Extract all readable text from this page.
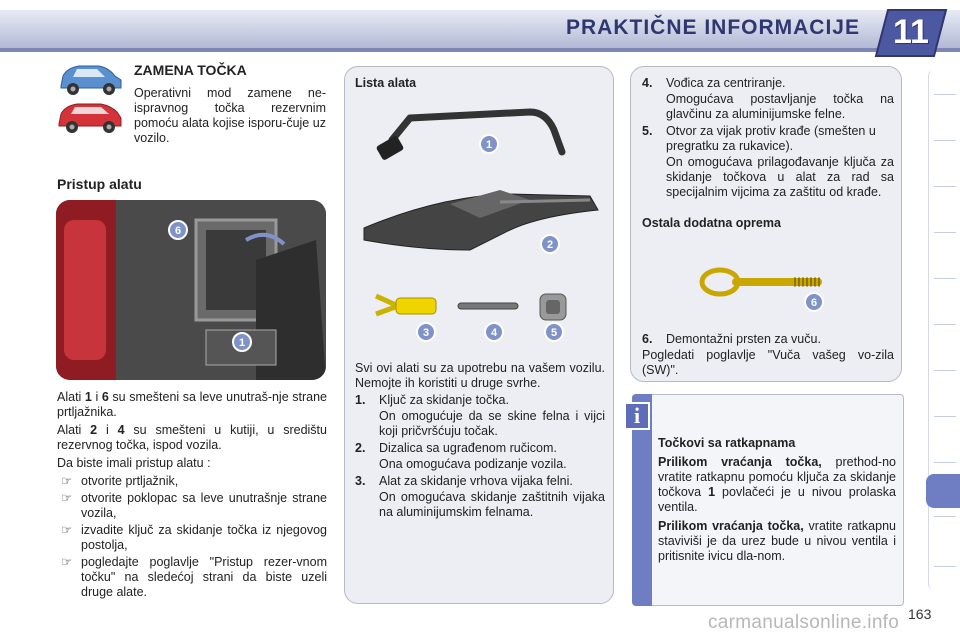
PRAKTIČNE INFORMACIJE 11
ZAMENA TOČKA
Operativni mod zamene ne-ispravnog točka rezervnim pomoću alata kojise isporu-čuje uz vozilo.
Pristup alatu
6
1

Alati 1 i 6 su smešteni sa leve unutraš-nje strane prtljažnika.

Alati 2 i 4 su smešteni u kutiji, u središtu rezervnog točka, ispod vozila.

Da biste imali pristup alatu :

☞ otvorite prtljažnik,
☞ otvorite poklopac sa leve unutrašnje strane vozila,
☞ izvadite ključ za skidanje točka iz njegovog postolja,
☞ pogledajte poglavlje "Pristup rezer-vnom točku" na sledećoj strani da biste uzeli druge alate.
Lista alata
1
2
3	4	5

Svi ovi alati su za upotrebu na vašem vozilu. Nemojte ih koristiti u druge svrhe.

1.	Ključ za skidanje točka.

On omogućuje da se skine felna i vijci koji pričvršćuju točak.

2.	Dizalica sa ugrađenom ručicom.

Ona omogućava podizanje vozila.

3.	Alat za skidanje vrhova vijaka felni.

On omogućava skidanje zaštitnih vijaka na aluminijumskim felnama.

4.	Vođica za centriranje.

Omogućava postavljanje točka na glavčinu za aluminijumske felne.

5.	Otvor za vijak protiv krađe (smešten u pregratku za rukavice).

On omogućava prilagođavanje ključa za skidanje točkova u alat za rad sa specijalnim vijcima za zaštitu od krađe.

Ostala dodatna oprema
6
6.	Demontažni prsten za vuču.

Pogledati poglavlje "Vuča vašeg vo-zila (SW)".

i

Točkovi sa ratkapnama

Prilikom vraćanja točka, prethod-no vratite ratkapnu pomoću ključa za skidanje točkova 1 povlačeći je u nivou prolaska ventila.

Prilikom vraćanja točka, vratite ratkapnu staviviši je da urez bude u nivou ventila i pritisnite ivicu dla-nom.

carmanualsonline.info 163
